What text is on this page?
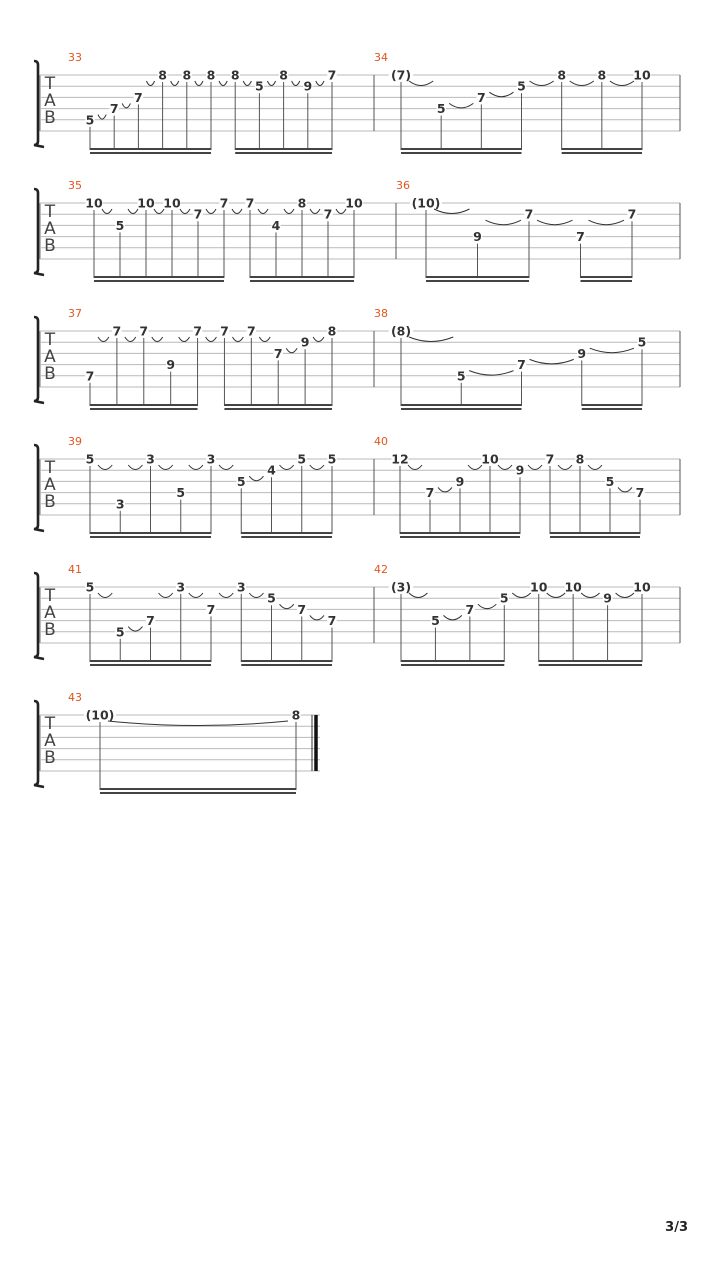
T
A
B
33
5
7
7
8 8 8 8
5
8
9
7
34
(7)
5
7
5
8	8 10
T
A
B
35
10
5
10 10
7
7 7
4
8
7
10
36
(10)
9
7
7
7
T
A
B
37
7
7 7
9
7 7 7
7
9
8
38
(8)
5
7
9
5
T
A
B
39
5
3
3
5
3
5
4
5 5
40
12
7
9
10
9
7 8
5
7
T
A
B
41
5
5
7
3
7
3
5
7
7
42
(3)
5
7
5
10 10
9
10
T
A
B
43
(10)	8
3/3
